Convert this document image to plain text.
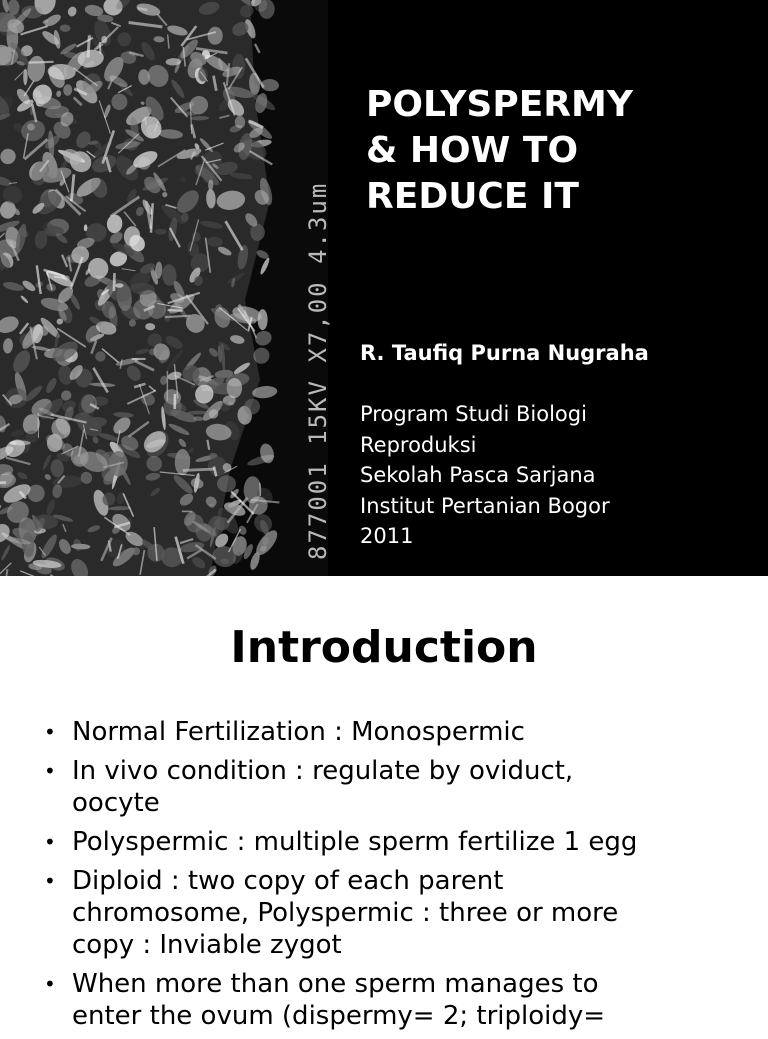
877001 15KV X7,00 4.3um
POLYSPERMY
& HOW TO
REDUCE IT

R. Taufiq Purna Nugraha

Program Studi Biologi
Reproduksi
Sekolah Pasca Sarjana
Institut Pertanian Bogor
2011

Introduction
• Normal Fertilization : Monospermic
• In vivo condition : regulate by oviduct,
oocyte
• Polyspermic : multiple sperm fertilize 1 egg
• Diploid : two copy of each parent
chromosome, Polyspermic : three or more
copy : Inviable zygot
• When more than one sperm manages to
enter the ovum (dispermy= 2; triploidy=
